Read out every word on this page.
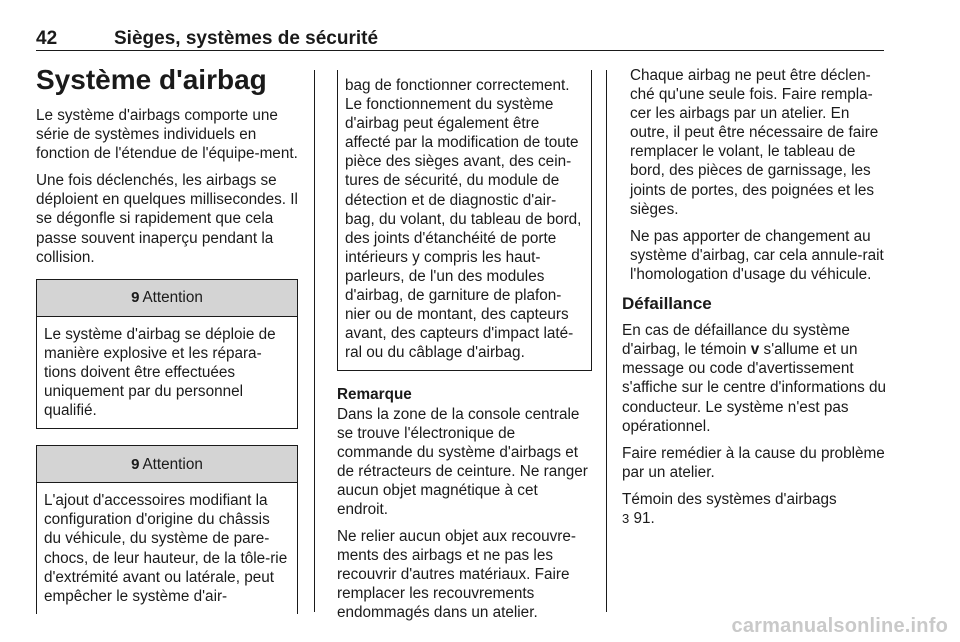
42	Sièges, systèmes de sécurité
Système d'airbag

Le système d'airbags comporte une série de systèmes individuels en fonction de l'étendue de l'équipe-ment.

Une fois déclenchés, les airbags se déploient en quelques millisecondes. Il se dégonfle si rapidement que cela passe souvent inaperçu pendant la collision.

9 Attention
Le système d'airbag se déploie de manière explosive et les répara-tions doivent être effectuées uniquement par du personnel qualifié.
9 Attention
L'ajout d'accessoires modifiant la configuration d'origine du châssis du véhicule, du système de pare-chocs, de leur hauteur, de la tôle-rie d'extrémité avant ou latérale, peut empêcher le système d'air-
bag de fonctionner correctement. Le fonctionnement du système d'airbag peut également être affecté par la modification de toute pièce des sièges avant, des cein-tures de sécurité, du module de détection et de diagnostic d'air-bag, du volant, du tableau de bord, des joints d'étanchéité de porte intérieurs y compris les haut-parleurs, de l'un des modules d'airbag, de garniture de plafon-nier ou de montant, des capteurs avant, des capteurs d'impact laté-ral ou du câblage d'airbag.
Remarque

Dans la zone de la console centrale se trouve l'électronique de commande du système d'airbags et de rétracteurs de ceinture. Ne ranger aucun objet magnétique à cet endroit.

Ne relier aucun objet aux recouvre-ments des airbags et ne pas les recouvrir d'autres matériaux. Faire remplacer les recouvrements endommagés dans un atelier.

Chaque airbag ne peut être déclen-ché qu'une seule fois. Faire rempla-cer les airbags par un atelier. En outre, il peut être nécessaire de faire remplacer le volant, le tableau de bord, des pièces de garnissage, les joints de portes, des poignées et les sièges.

Ne pas apporter de changement au système d'airbag, car cela annule-rait l'homologation d'usage du véhicule.

Défaillance

En cas de défaillance du système d'airbag, le témoin v s'allume et un message ou code d'avertissement s'affiche sur le centre d'informations du conducteur. Le système n'est pas opérationnel.

Faire remédier à la cause du problème par un atelier.

Témoin des systèmes d'airbags
3 91.

carmanualsonline.info
